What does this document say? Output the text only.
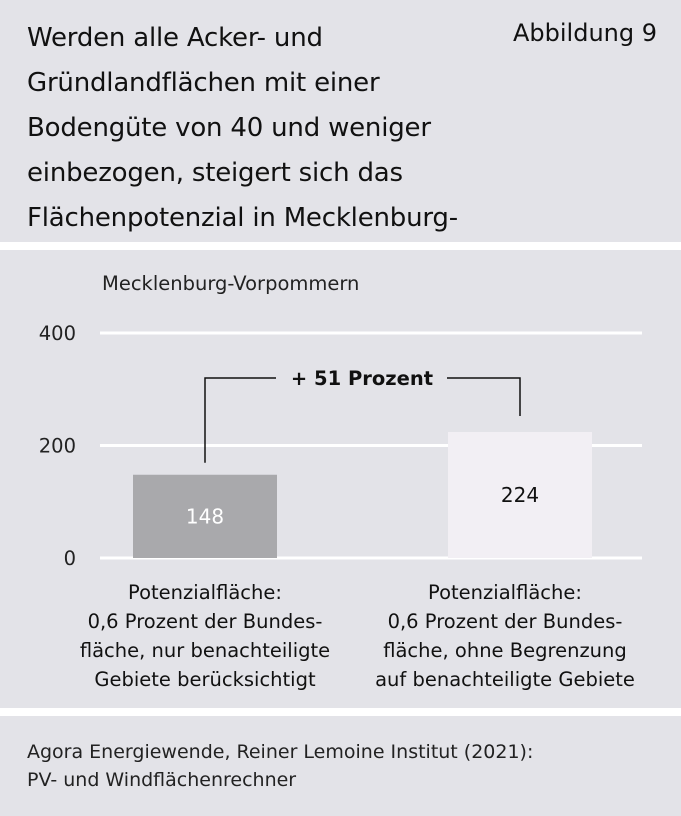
Werden alle Acker- und Gründlandflächen mit einer Bodengüte von 40 und weniger einbezogen, steigert sich das Flächenpotenzial in Mecklenburg-
Abbildung 9
Mecklenburg-Vorpommern
0
200
400
148
224
+ 51 Prozent
Potenzialfläche:
0,6 Prozent der Bundes-
fläche, nur benachteiligte
Gebiete berücksichtigt
Potenzialfläche:
0,6 Prozent der Bundes-
fläche, ohne Begrenzung
auf benachteiligte Gebiete
Agora Energiewende, Reiner Lemoine Institut (2021):
PV- und Windflächenrechner
